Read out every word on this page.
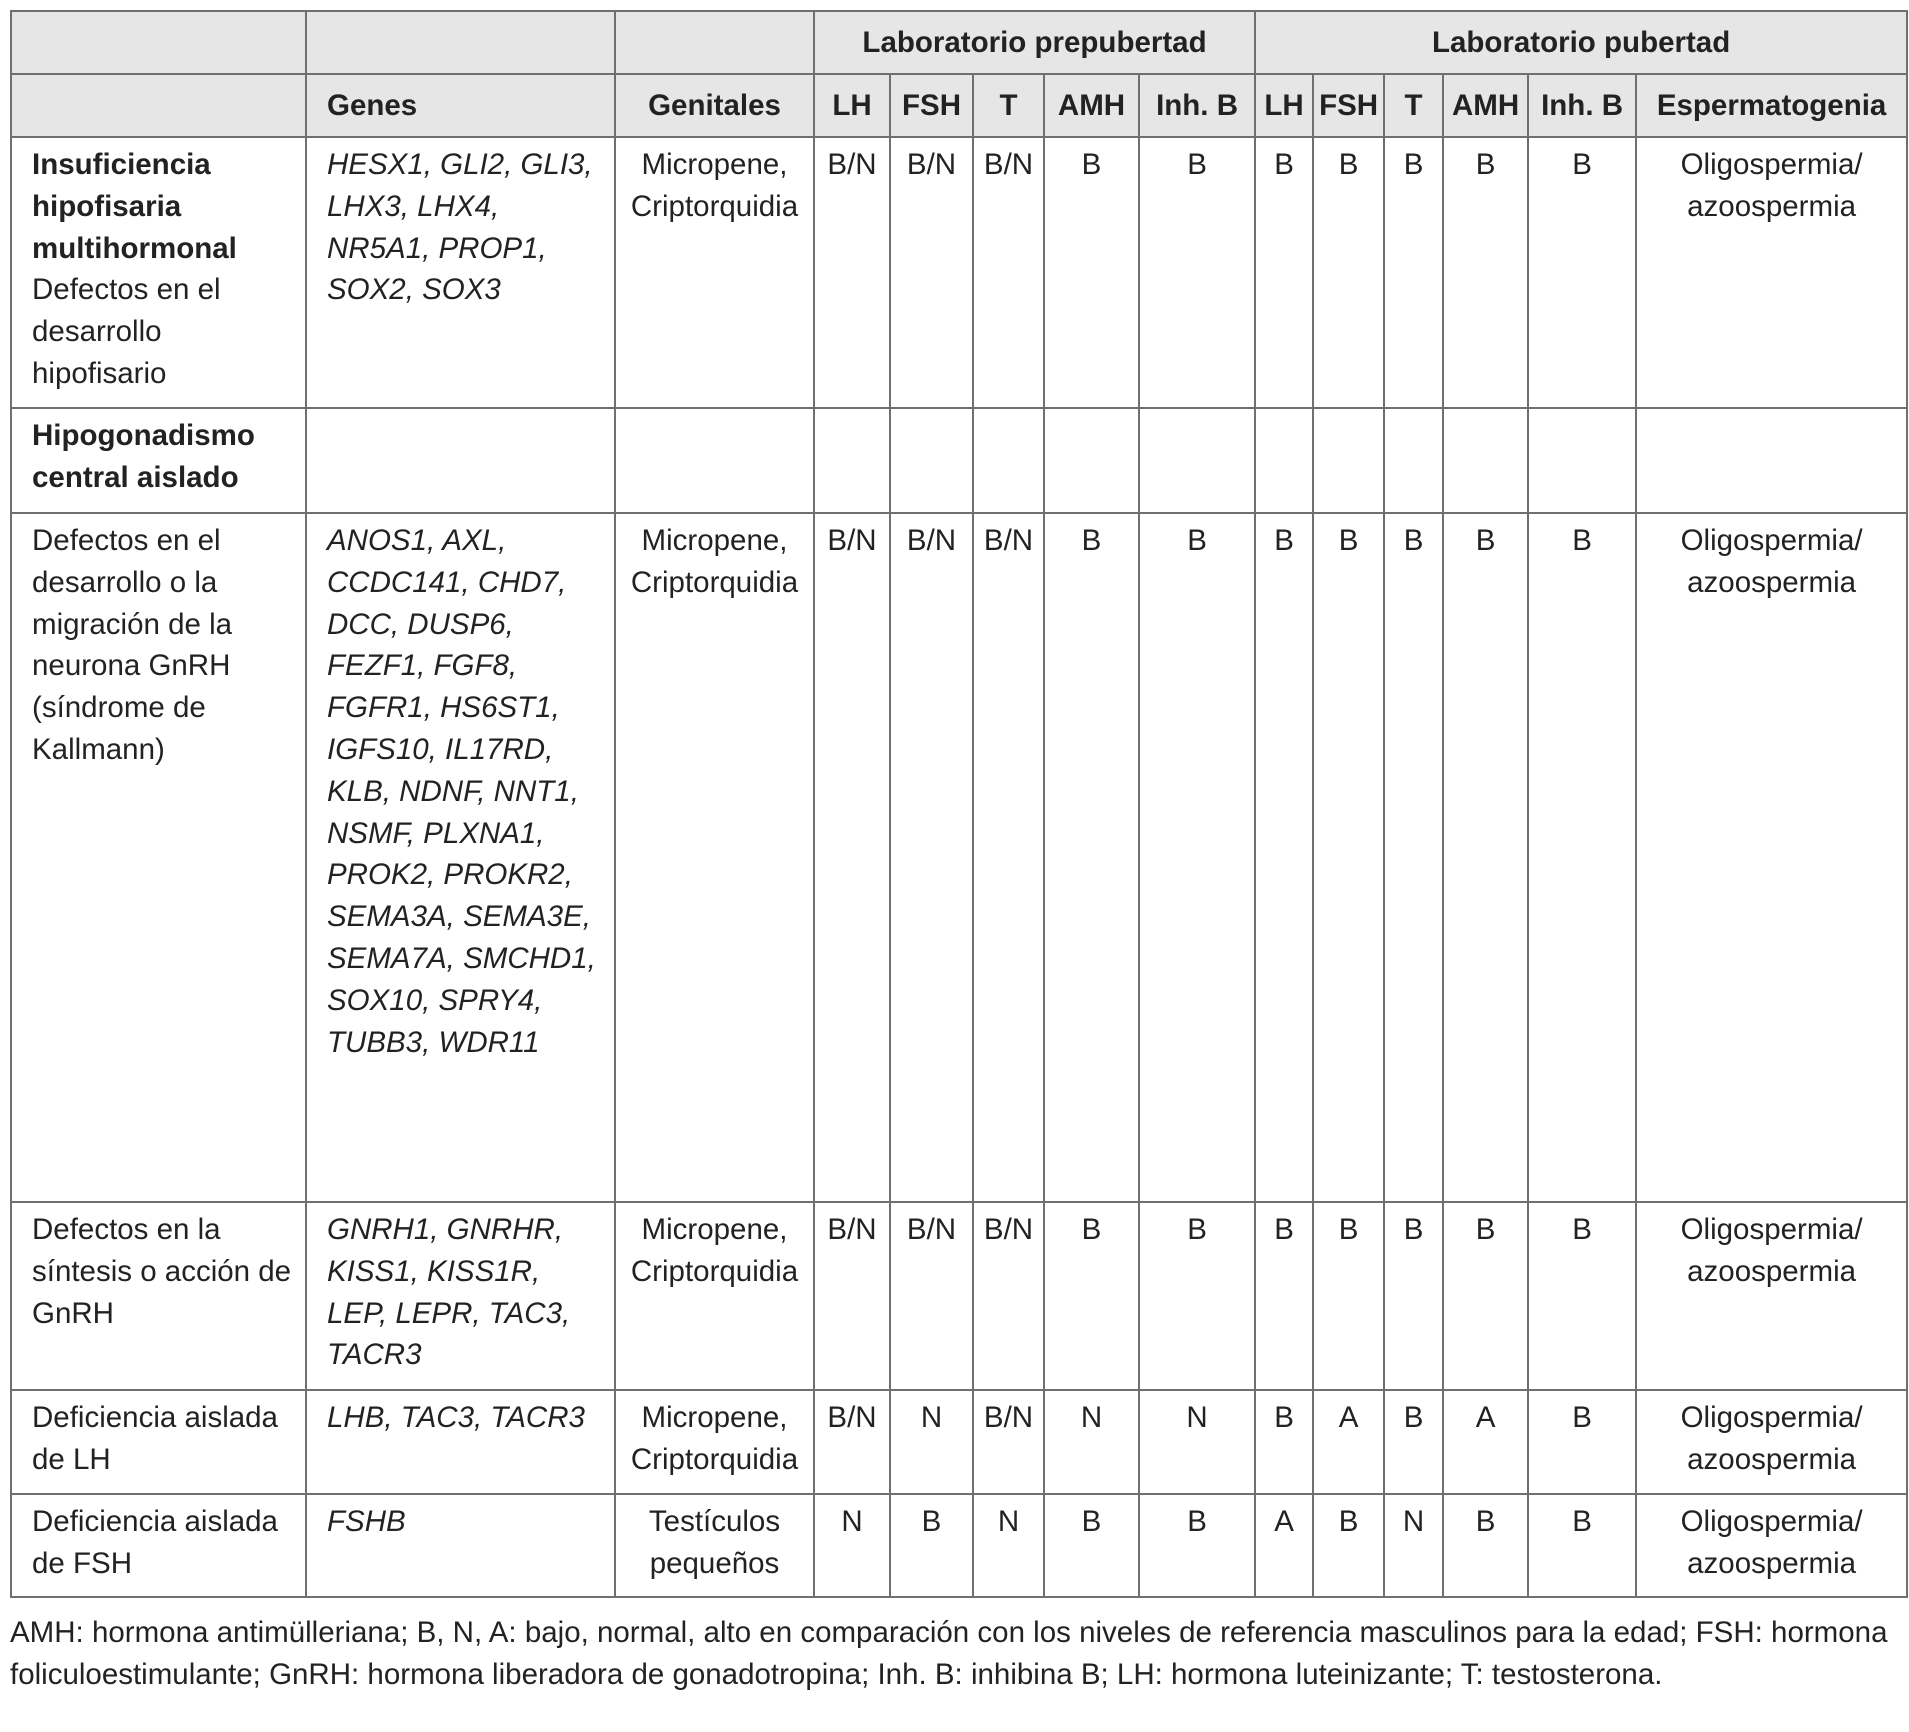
			Laboratorio prepubertad					Laboratorio pubertad					
	Genes	Genitales	LH	FSH	T	AMH	Inh. B	LH	FSH	T	AMH	Inh. B	Espermatogenia

Insuficiencia hipofisaria multihormonal
Defectos en el desarrollo hipofisario	HESX1, GLI2, GLI3, LHX3, LHX4, NR5A1, PROP1, SOX2, SOX3	Micropene, Criptorquidia	B/N	B/N	B/N	B	B	B	B	B	B	B	Oligospermia/ azoospermia

Hipogonadismo central aislado													

Defectos en el desarrollo o la migración de la neurona GnRH (síndrome de Kallmann)	ANOS1, AXL, CCDC141, CHD7, DCC, DUSP6, FEZF1, FGF8, FGFR1, HS6ST1, IGFS10, IL17RD, KLB, NDNF, NNT1, NSMF, PLXNA1, PROK2, PROKR2, SEMA3A, SEMA3E, SEMA7A, SMCHD1, SOX10, SPRY4, TUBB3, WDR11	Micropene, Criptorquidia	B/N	B/N	B/N	B	B	B	B	B	B	B	Oligospermia/ azoospermia

Defectos en la síntesis o acción de GnRH	GNRH1, GNRHR, KISS1, KISS1R, LEP, LEPR, TAC3, TACR3	Micropene, Criptorquidia	B/N	B/N	B/N	B	B	B	B	B	B	B	Oligospermia/ azoospermia

Deficiencia aislada de LH	LHB, TAC3, TACR3	Micropene, Criptorquidia	B/N	N	B/N	N	N	B	A	B	A	B	Oligospermia/ azoospermia

Deficiencia aislada de FSH	FSHB	Testículos pequeños	N	B	N	B	B	A	B	N	B	B	Oligospermia/ azoospermia
AMH: hormona antimülleriana; B, N, A: bajo, normal, alto en comparación con los niveles de referencia masculinos para la edad; FSH: hormona foliculoestimulante; GnRH: hormona liberadora de gonadotropina; Inh. B: inhibina B; LH: hormona luteinizante; T: testosterona.
